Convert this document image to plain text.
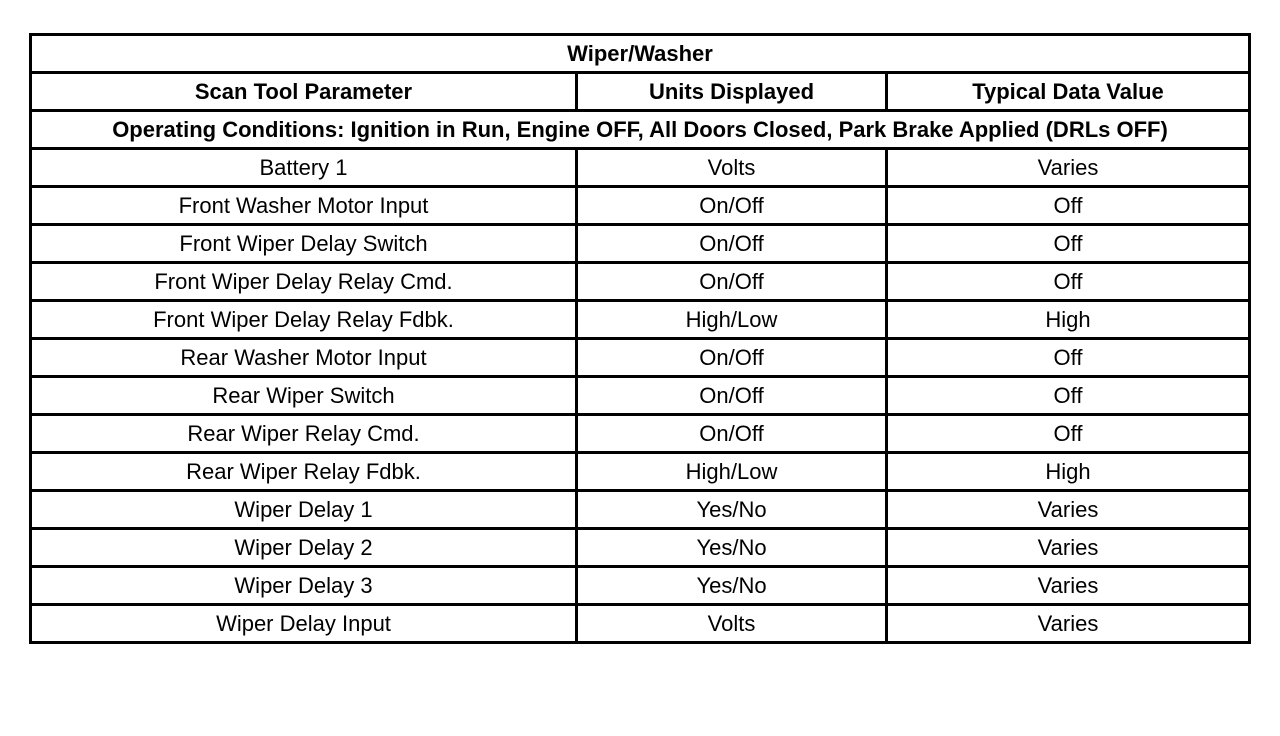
Wiper/Washer		
Scan Tool Parameter	Units Displayed	Typical Data Value
Operating Conditions: Ignition in Run, Engine OFF, All Doors Closed, Park Brake Applied (DRLs OFF)		
Battery 1	Volts	Varies
Front Washer Motor Input	On/Off	Off
Front Wiper Delay Switch	On/Off	Off
Front Wiper Delay Relay Cmd.	On/Off	Off
Front Wiper Delay Relay Fdbk.	High/Low	High
Rear Washer Motor Input	On/Off	Off
Rear Wiper Switch	On/Off	Off
Rear Wiper Relay Cmd.	On/Off	Off
Rear Wiper Relay Fdbk.	High/Low	High
Wiper Delay 1	Yes/No	Varies
Wiper Delay 2	Yes/No	Varies
Wiper Delay 3	Yes/No	Varies
Wiper Delay Input	Volts	Varies
